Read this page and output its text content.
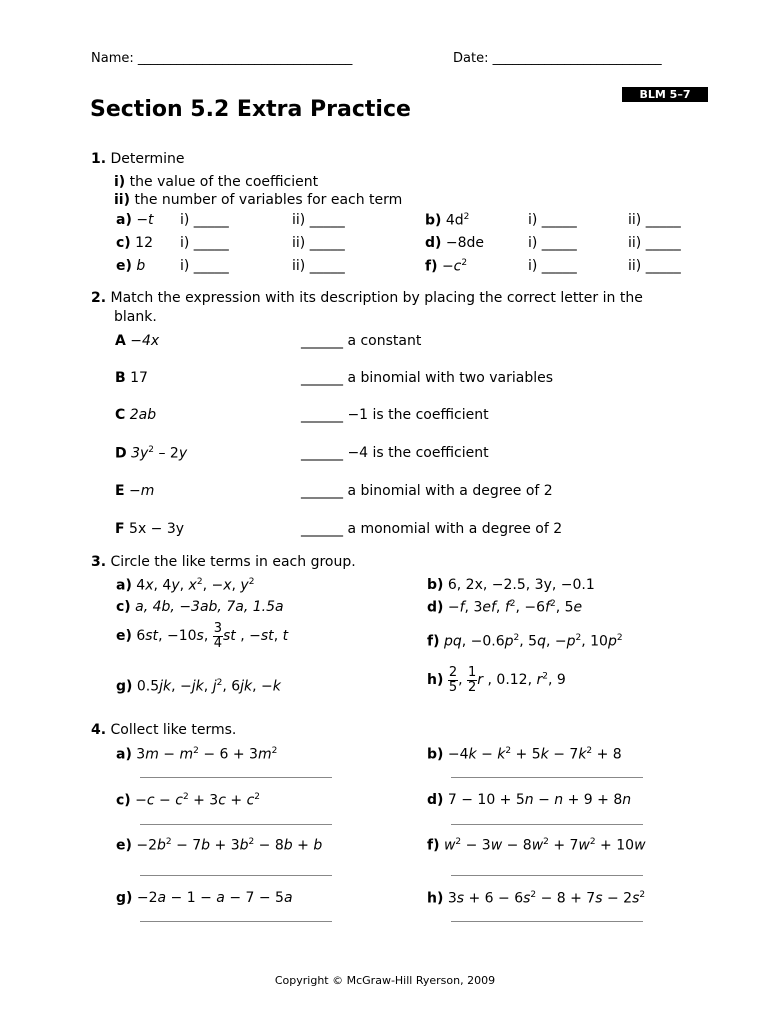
Name: _________________________________	Date: __________________________
BLM 5–7
Section 5.2 Extra Practice
1. Determine
i) the value of the coefficient
ii) the number of variables for each term
a) −t i) _____	ii) _____	b) $4d^2$	i) _____	ii) _____
c) 12 i) _____	ii) _____	d) −8de	i) _____	ii) _____
e) b i) _____	ii) _____	$f) -c^2$	i) _____	ii) _____
2. Match the expression with its description by placing the correct letter in the
blank.
A −4x	______ a constant
B 17	______ a binomial with two variables
C 2ab	______ −1 is the coefficient
D $3y^2 - 2y$	______ −4 is the coefficient
E −m	______ a binomial with a degree of 2
F 5x − 3y	______ a monomial with a degree of 2
3. Circle the like terms in each group.
a) 4x, 4y, $x^2$, −x, $y^2$	b) 6, 2x, −2.5, 3y, −0.1
c) a, 4b, −3ab, 7a, 1.5a	d) −f, 3ef, $f^2$, $-6f^2$, 5e
e) 6st, −10s, $\frac{3}{4}$ st , −st, t	f) pq, $-0.6p^2$, 5q, $-p^2$, $10p^2$
g) 0.5jk, −jk, $j^2$, 6jk, −k	$h) \frac{2}{5}$ , $\frac{1}{2}$ r , 0.12, $r^2$, 9
4. Collect like terms.
a) $3m - m^2 - 6 + 3m^2$	$b) -4k - k^2 + 5k - 7k^2 + 8$
$c) -c - c^2 + 3c + c^2$	d) 7 − 10 + 5n − n + 9 + 8n
$e) -2b^2 - 7b + 3b^2 - 8b + b$	f) $w^2 - 3w - 8w^2 + 7w^2 + 10w$
g) −2a − 1 − a − 7 − 5a	h) $3s + 6 - 6s^2 - 8 + 7s - 2s^2$
Copyright © McGraw-Hill Ryerson, 2009
